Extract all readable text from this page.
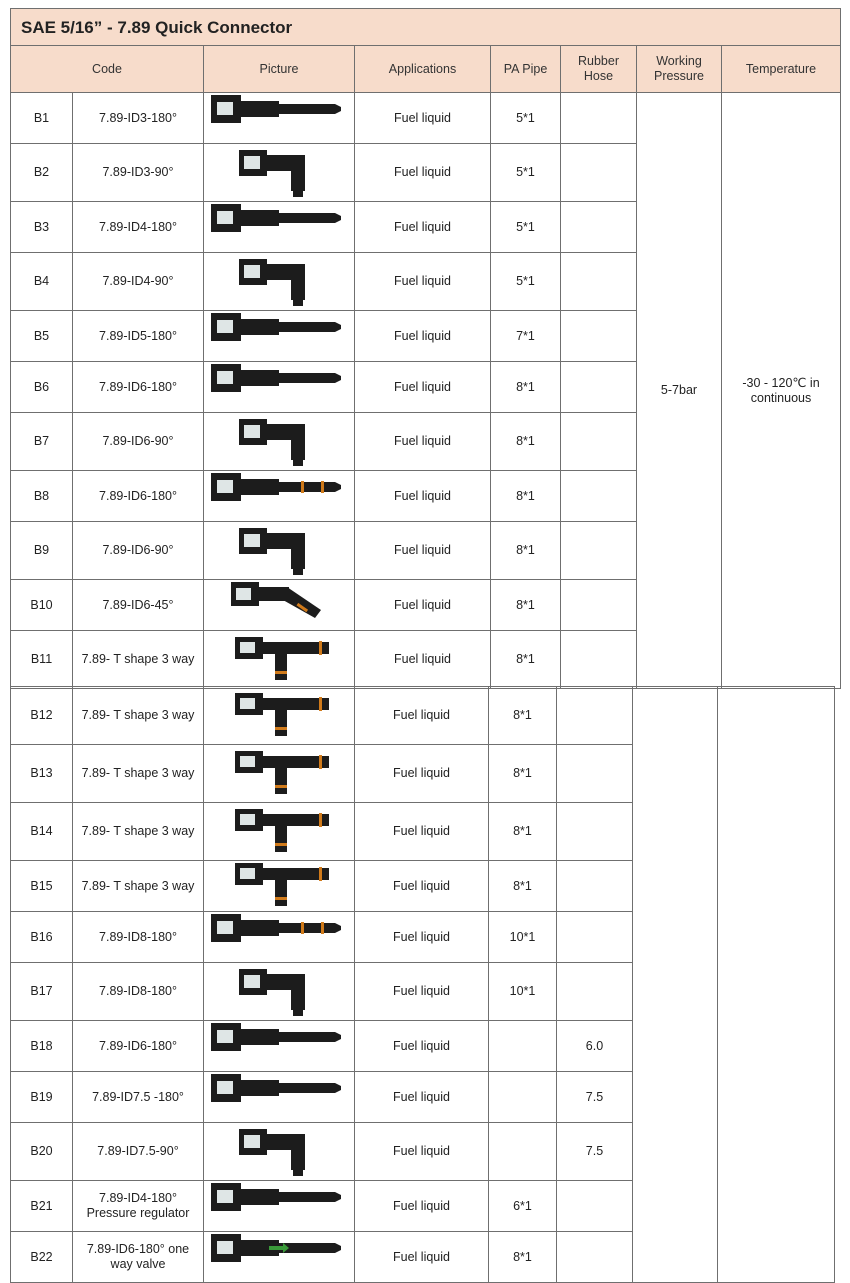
SAE 5/16” - 7.89 Quick Connector							
Code		Picture	Applications	PA Pipe	Rubber Hose	Working Pressure	Temperature
B1	7.89-ID3-180°		Fuel liquid	5*1		5-7bar	-30 - 120℃ in continuous
B2	7.89-ID3-90°		Fuel liquid	5*1			
B3	7.89-ID4-180°		Fuel liquid	5*1			
B4	7.89-ID4-90°		Fuel liquid	5*1			
B5	7.89-ID5-180°		Fuel liquid	7*1			
B6	7.89-ID6-180°		Fuel liquid	8*1			
B7	7.89-ID6-90°		Fuel liquid	8*1			
B8	7.89-ID6-180°		Fuel liquid	8*1			
B9	7.89-ID6-90°		Fuel liquid	8*1			
B10	7.89-ID6-45°		Fuel liquid	8*1			
B11	7.89- T shape 3 way		Fuel liquid	8*1			
B12	7.89- T shape 3 way		Fuel liquid	8*1			
B13	7.89- T shape 3 way		Fuel liquid	8*1			
B14	7.89- T shape 3 way		Fuel liquid	8*1			
B15	7.89- T shape 3 way		Fuel liquid	8*1			
B16	7.89-ID8-180°		Fuel liquid	10*1			
B17	7.89-ID8-180°		Fuel liquid	10*1			
B18	7.89-ID6-180°		Fuel liquid		6.0		
B19	7.89-ID7.5 -180°		Fuel liquid		7.5		
B20	7.89-ID7.5-90°		Fuel liquid		7.5		
B21	7.89-ID4-180° Pressure regulator		Fuel liquid	6*1			
B22	7.89-ID6-180° one way valve		Fuel liquid	8*1			
